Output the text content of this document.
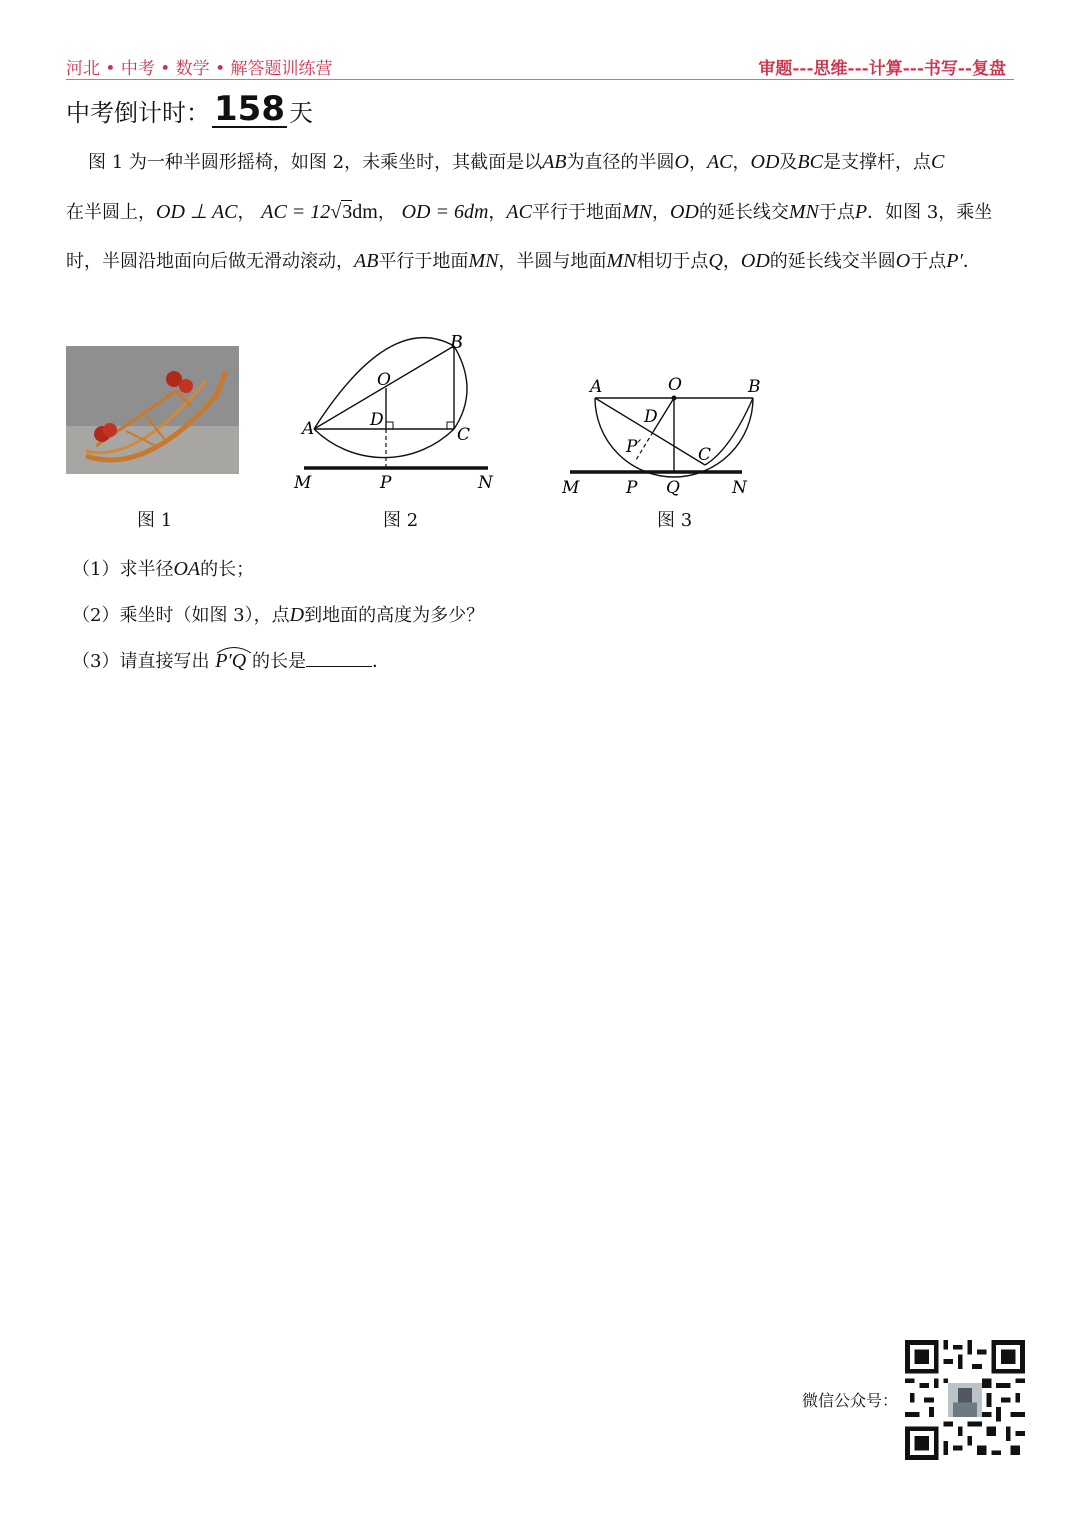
河北 • 中考 • 数学 • 解答题训练营	审题---思维---计算---书写--复盘
中考倒计时： 158 天

图 1 为一种半圆形摇椅，如图 2，未乘坐时，其截面是以AB为直径的半圆O，AC，OD及BC是支撑杆，点C

在半圆上，OD ⊥ AC， AC = 12√3dm， OD = 6dm，AC平行于地面MN，OD的延长线交MN于点P．如图 3，乘坐时，半圆沿地面向后做无滑动滚动，AB平行于地面MN，半圆与地面MN相切于点Q，OD的延长线交半圆O于点P′．
B
O
A	D
C
M	P	N
A	O	B
D
P′	C
M	P Q	N
图 1	图 2	图 3
（1）求半径OA的长；
（2）乘坐时（如图 3），点D到地面的高度为多少？
（3）请直接写出 P′Q 的长是	．
微信公众号：
